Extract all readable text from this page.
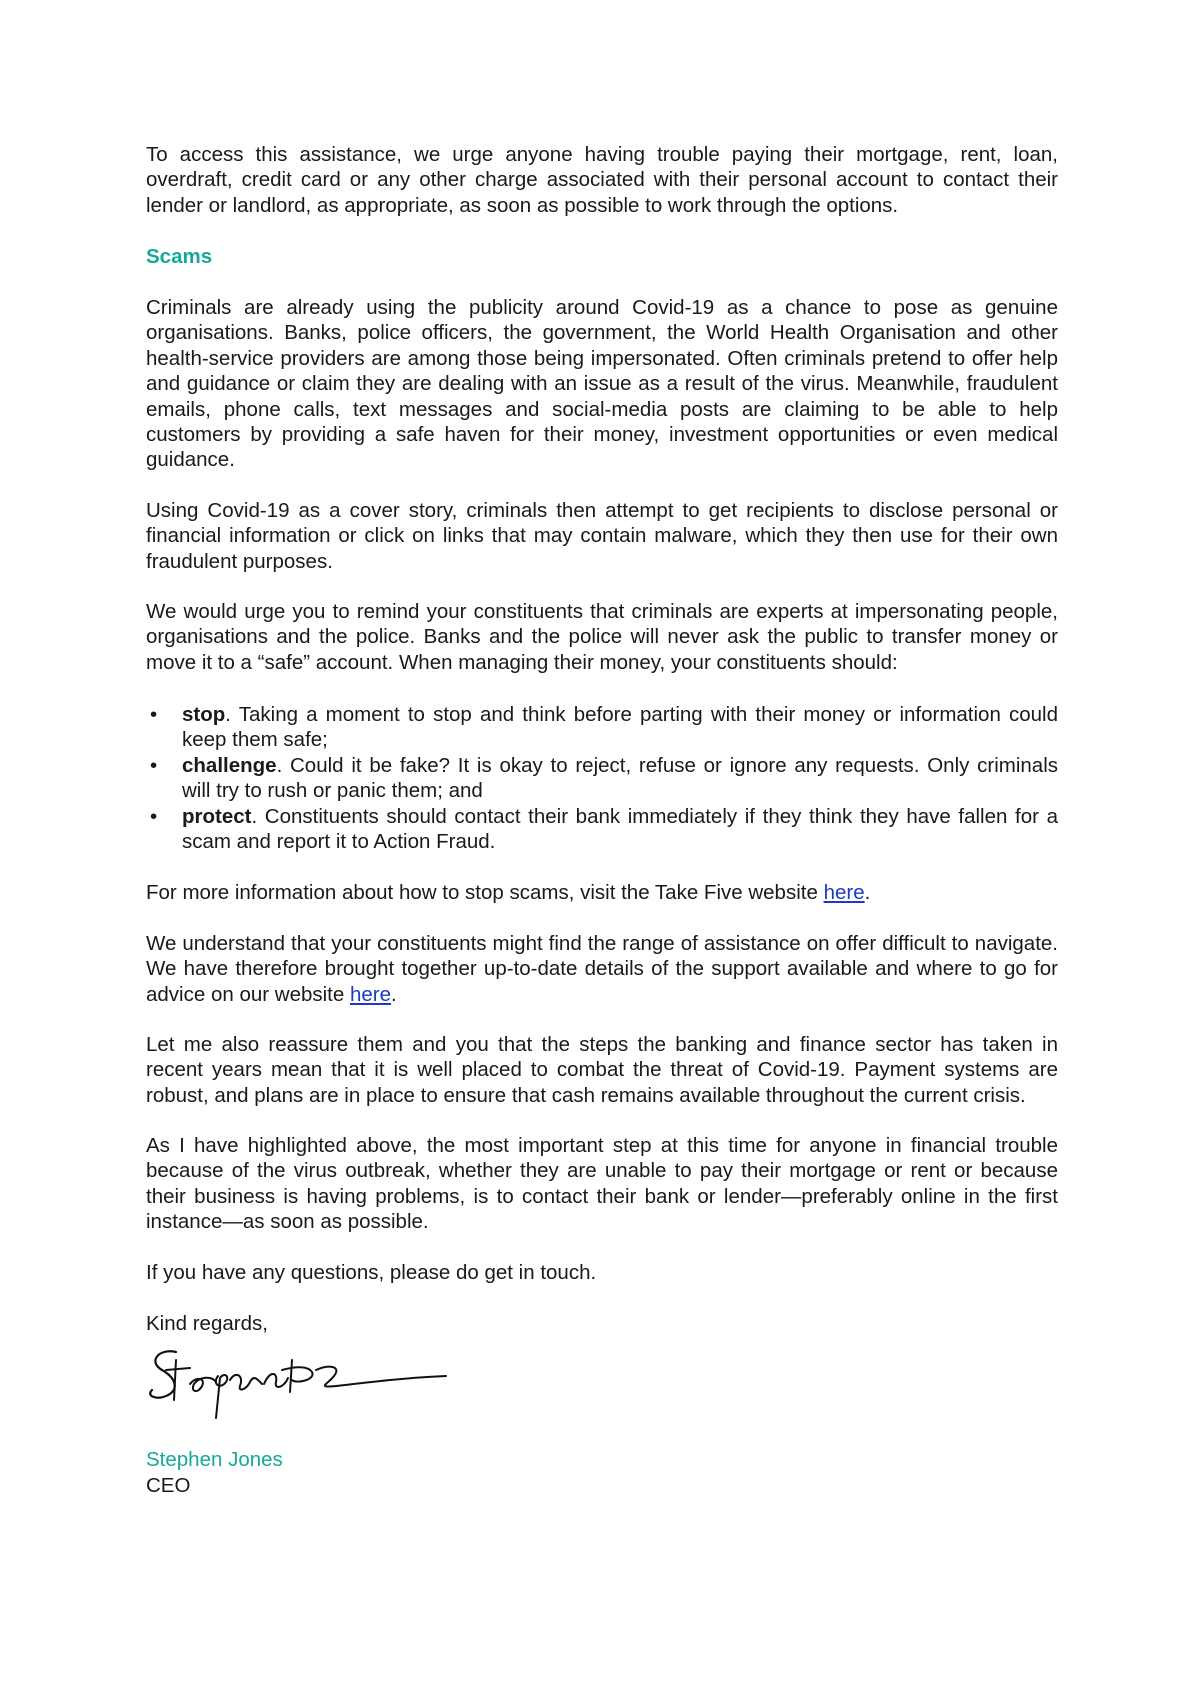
To access this assistance, we urge anyone having trouble paying their mortgage, rent, loan, overdraft, credit card or any other charge associated with their personal account to contact their lender or landlord, as appropriate, as soon as possible to work through the options.

Scams

Criminals are already using the publicity around Covid-19 as a chance to pose as genuine organisations. Banks, police officers, the government, the World Health Organisation and other health-service providers are among those being impersonated. Often criminals pretend to offer help and guidance or claim they are dealing with an issue as a result of the virus. Meanwhile, fraudulent emails, phone calls, text messages and social-media posts are claiming to be able to help customers by providing a safe haven for their money, investment opportunities or even medical guidance.

Using Covid-19 as a cover story, criminals then attempt to get recipients to disclose personal or financial information or click on links that may contain malware, which they then use for their own fraudulent purposes.

We would urge you to remind your constituents that criminals are experts at impersonating people, organisations and the police. Banks and the police will never ask the public to transfer money or move it to a “safe” account. When managing their money, your constituents should:

• stop. Taking a moment to stop and think before parting with their money or information could keep them safe;
• challenge. Could it be fake? It is okay to reject, refuse or ignore any requests. Only criminals will try to rush or panic them; and
• protect. Constituents should contact their bank immediately if they think they have fallen for a scam and report it to Action Fraud.

For more information about how to stop scams, visit the Take Five website here.

We understand that your constituents might find the range of assistance on offer difficult to navigate. We have therefore brought together up-to-date details of the support available and where to go for advice on our website here.

Let me also reassure them and you that the steps the banking and finance sector has taken in recent years mean that it is well placed to combat the threat of Covid-19. Payment systems are robust, and plans are in place to ensure that cash remains available throughout the current crisis.

As I have highlighted above, the most important step at this time for anyone in financial trouble because of the virus outbreak, whether they are unable to pay their mortgage or rent or because their business is having problems, is to contact their bank or lender—preferably online in the first instance—as soon as possible.

If you have any questions, please do get in touch.

Kind regards,

Stephen Jones

CEO
